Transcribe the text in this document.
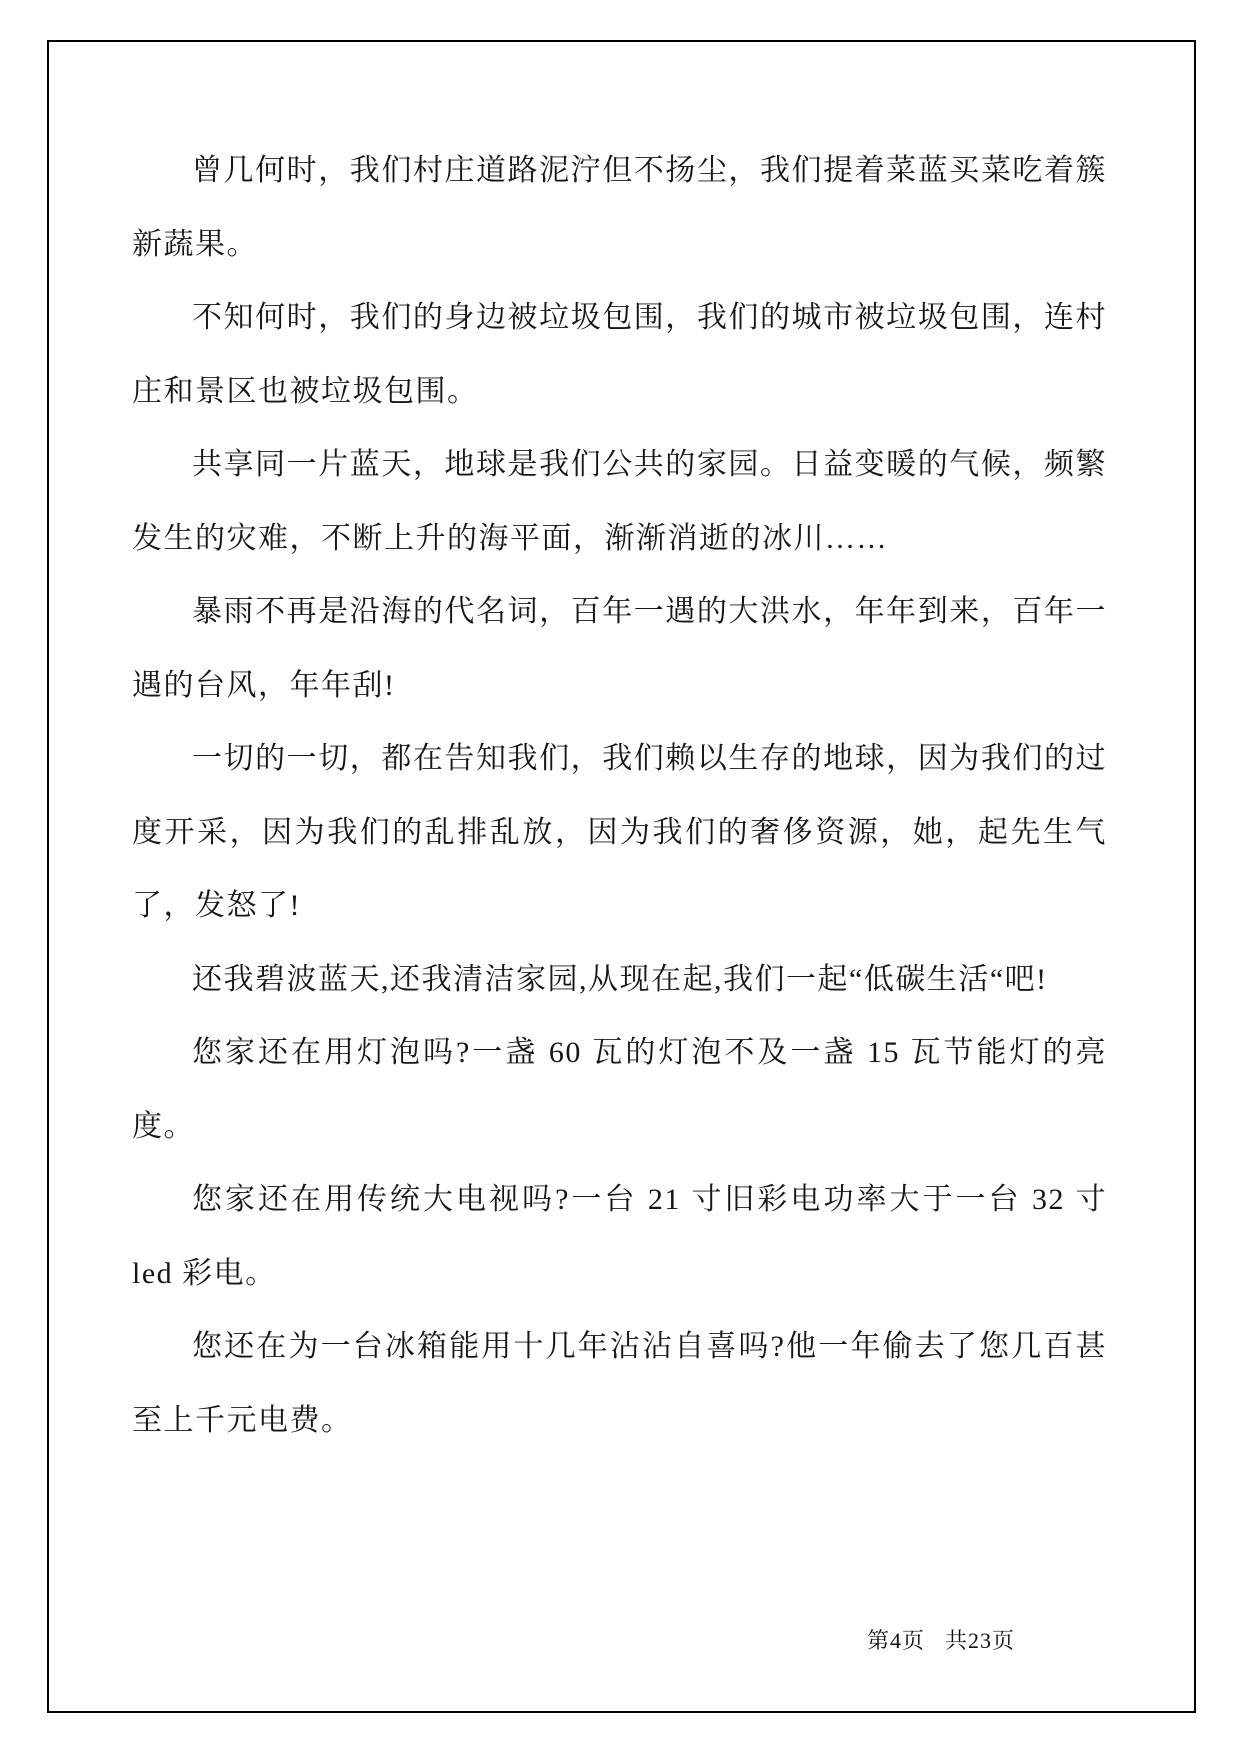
曾几何时，我们村庄道路泥泞但不扬尘，我们提着菜蓝买菜吃着簇新蔬果。

不知何时，我们的身边被垃圾包围，我们的城市被垃圾包围，连村庄和景区也被垃圾包围。

共享同一片蓝天，地球是我们公共的家园。日益变暖的气候，频繁发生的灾难，不断上升的海平面，渐渐消逝的冰川……

暴雨不再是沿海的代名词，百年一遇的大洪水，年年到来，百年一遇的台风，年年刮!

一切的一切，都在告知我们，我们赖以生存的地球，因为我们的过度开采，因为我们的乱排乱放，因为我们的奢侈资源，她，起先生气了，发怒了!

还我碧波蓝天,还我清洁家园,从现在起,我们一起“低碳生活“吧!

您家还在用灯泡吗?一盏 60 瓦的灯泡不及一盏 15 瓦节能灯的亮度。

您家还在用传统大电视吗?一台 21 寸旧彩电功率大于一台 32 寸 led 彩电。

您还在为一台冰箱能用十几年沾沾自喜吗?他一年偷去了您几百甚至上千元电费。

第4页 共23页
